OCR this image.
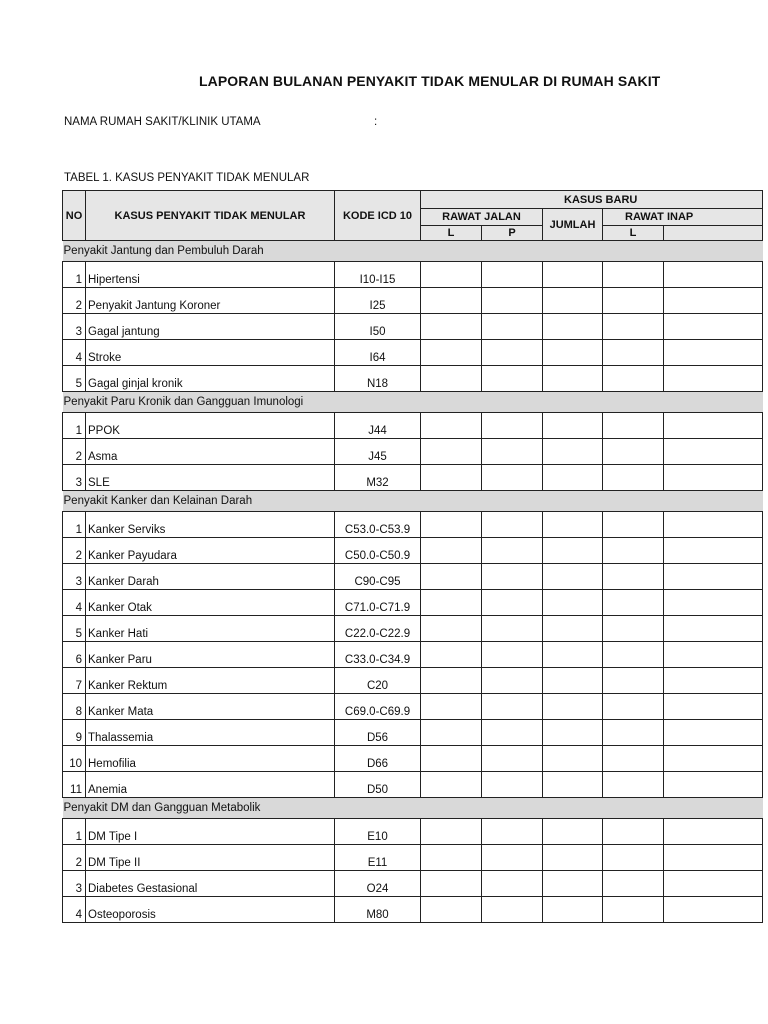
LAPORAN BULANAN PENYAKIT TIDAK MENULAR DI RUMAH SAKIT
NAMA RUMAH SAKIT/KLINIK UTAMA	:
TABEL 1. KASUS PENYAKIT TIDAK MENULAR
NO	KASUS PENYAKIT TIDAK MENULAR	KODE ICD 10	KASUS BARU				
			RAWAT JALAN		JUMLAH	RAWAT INAP	
			L	P		L	
Penyakit Jantung dan Pembuluh Darah							
1	Hipertensi	I10-I15					
2	Penyakit Jantung Koroner	I25					
3	Gagal jantung	I50					
4	Stroke	I64					
5	Gagal ginjal kronik	N18					
Penyakit Paru Kronik dan Gangguan Imunologi							
1	PPOK	J44					
2	Asma	J45					
3	SLE	M32					
Penyakit Kanker dan Kelainan Darah							
1	Kanker Serviks	C53.0-C53.9					
2	Kanker Payudara	C50.0-C50.9					
3	Kanker Darah	C90-C95					
4	Kanker Otak	C71.0-C71.9					
5	Kanker Hati	C22.0-C22.9					
6	Kanker Paru	C33.0-C34.9					
7	Kanker Rektum	C20					
8	Kanker Mata	C69.0-C69.9					
9	Thalassemia	D56					
10	Hemofilia	D66					
11	Anemia	D50					
Penyakit DM dan Gangguan Metabolik							
1	DM Tipe I	E10					
2	DM Tipe II	E11					
3	Diabetes Gestasional	O24					
4	Osteoporosis	M80					
